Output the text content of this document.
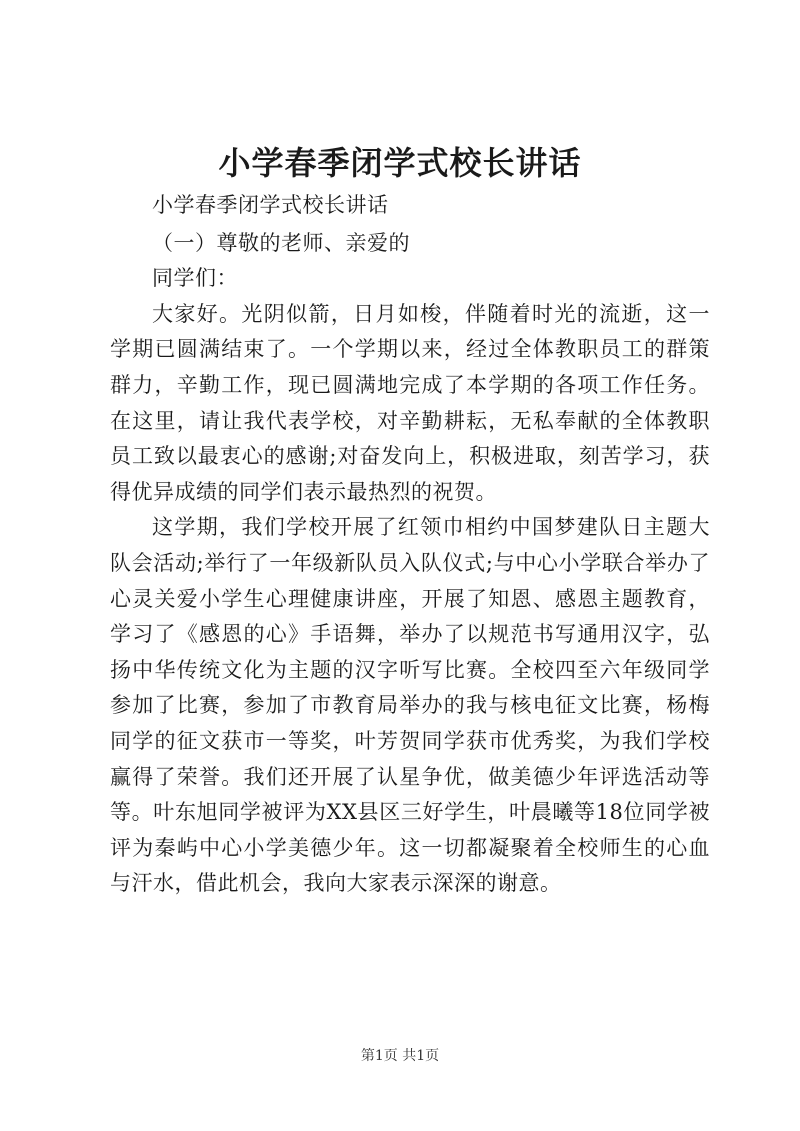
小学春季闭学式校长讲话

小学春季闭学式校长讲话

（一）尊敬的老师、亲爱的

同学们：

大家好。光阴似箭，日月如梭，伴随着时光的流逝，这一学期已圆满结束了。一个学期以来，经过全体教职员工的群策群力，辛勤工作，现已圆满地完成了本学期的各项工作任务。在这里，请让我代表学校，对辛勤耕耘，无私奉献的全体教职员工致以最衷心的感谢;对奋发向上，积极进取，刻苦学习，获得优异成绩的同学们表示最热烈的祝贺。

这学期，我们学校开展了红领巾相约中国梦建队日主题大队会活动;举行了一年级新队员入队仪式;与中心小学联合举办了心灵关爱小学生心理健康讲座，开展了知恩、感恩主题教育，学习了《感恩的心》手语舞，举办了以规范书写通用汉字，弘扬中华传统文化为主题的汉字听写比赛。全校四至六年级同学参加了比赛，参加了市教育局举办的我与核电征文比赛，杨梅同学的征文获市一等奖，叶芳贺同学获市优秀奖，为我们学校赢得了荣誉。我们还开展了认星争优，做美德少年评选活动等等。叶东旭同学被评为XX县区三好学生，叶晨曦等18位同学被评为秦屿中心小学美德少年。这一切都凝聚着全校师生的心血与汗水，借此机会，我向大家表示深深的谢意。

第1页 共1页
